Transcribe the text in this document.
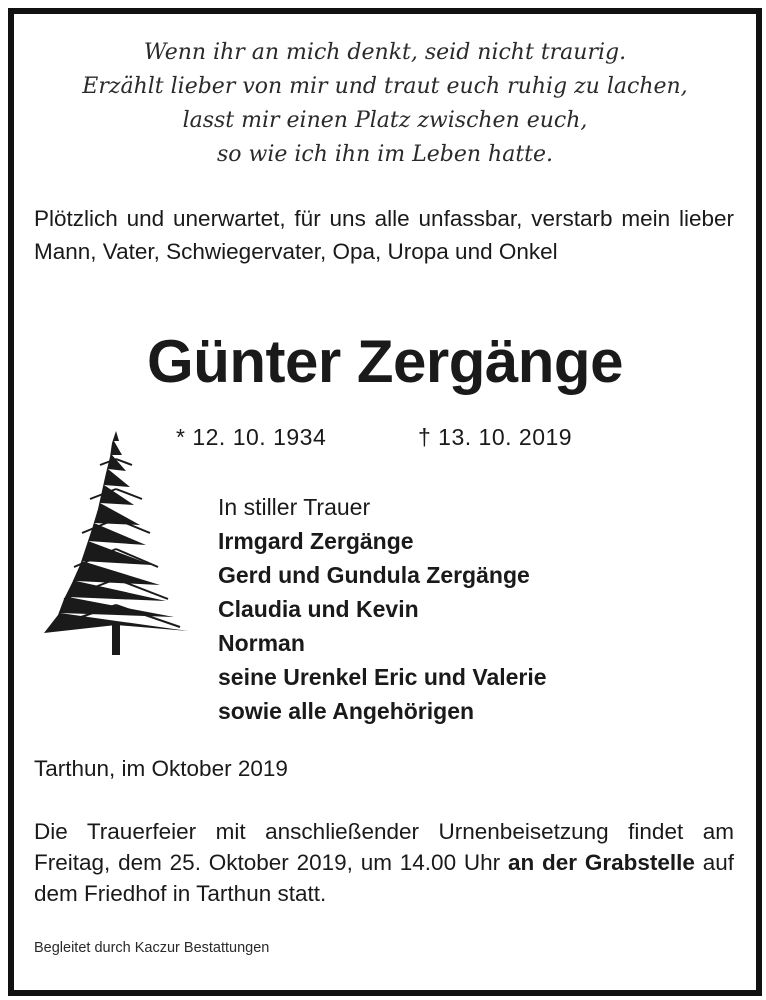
Wenn ihr an mich denkt, seid nicht traurig.
Erzählt lieber von mir und traut euch ruhig zu lachen,
lasst mir einen Platz zwischen euch,
so wie ich ihn im Leben hatte.
Plötzlich und unerwartet, für uns alle unfassbar, verstarb mein lieber Mann, Vater, Schwiegervater, Opa, Uropa und Onkel
Günter Zergänge
* 12. 10. 1934	† 13. 10. 2019
In stiller Trauer
Irmgard Zergänge
Gerd und Gundula Zergänge
Claudia und Kevin
Norman
seine Urenkel Eric und Valerie
sowie alle Angehörigen
Tarthun, im Oktober 2019
Die Trauerfeier mit anschließender Urnenbeisetzung findet am Freitag, dem 25. Oktober 2019, um 14.00 Uhr an der Grabstelle auf dem Friedhof in Tarthun statt.
Begleitet durch Kaczur Bestattungen
